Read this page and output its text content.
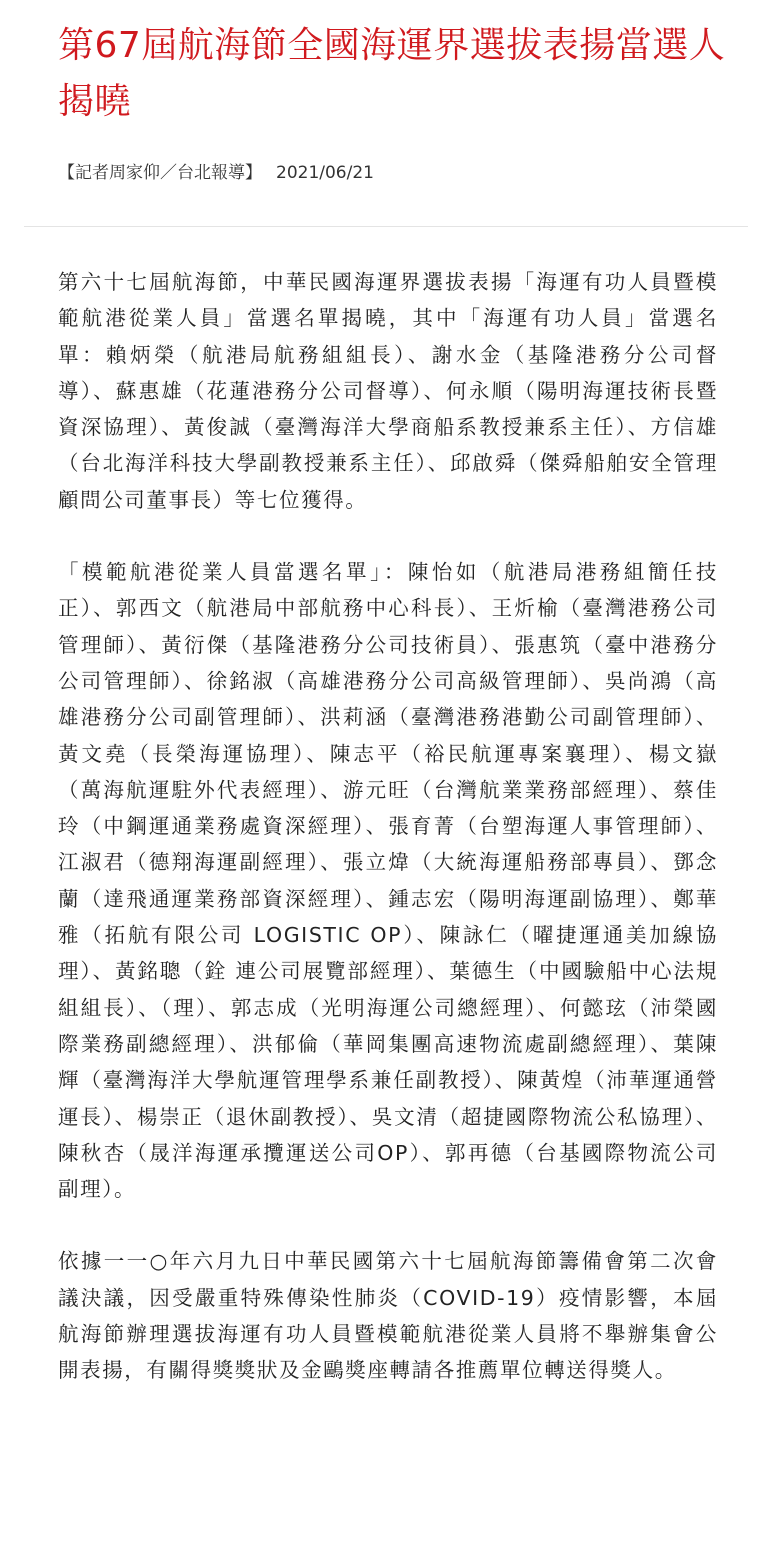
第67屆航海節全國海運界選拔表揚當選人 揭曉
【記者周家仰／台北報導】 2021/06/21

第六十七屆航海節，中華民國海運界選拔表揚「海運有功人員暨模範航港從業人員」當選名單揭曉，其中「海運有功人員」當選名單：賴炳榮（航港局航務組組長）、謝水金（基隆港務分公司督導）、蘇惠雄（花蓮港務分公司督導）、何永順（陽明海運技術長暨資深協理）、黃俊誠（臺灣海洋大學商船系教授兼系主任）、方信雄（台北海洋科技大學副教授兼系主任）、邱啟舜（傑舜船舶安全管理顧問公司董事長）等七位獲得。

「模範航港從業人員當選名單」：陳怡如（航港局港務組簡任技正）、郭西文（航港局中部航務中心科長）、王炘榆（臺灣港務公司管理師）、黃衍傑（基隆港務分公司技術員）、張惠筑（臺中港務分公司管理師）、徐銘淑（高雄港務分公司高級管理師）、吳尚鴻（高雄港務分公司副管理師）、洪莉涵（臺灣港務港勤公司副管理師）、黃文堯（長榮海運協理）、陳志平（裕民航運專案襄理）、楊文嶽（萬海航運駐外代表經理）、游元旺（台灣航業業務部經理）、蔡佳玲（中鋼運通業務處資深經理）、張育菁（台塑海運人事管理師）、江淑君（德翔海運副經理）、張立煒（大統海運船務部專員）、鄧念蘭（達飛通運業務部資深經理）、鍾志宏（陽明海運副協理）、鄭華雅（拓航有限公司 LOGISTIC OP）、陳詠仁（曜捷運通美加線協理）、黃銘聰（銓 連公司展覽部經理）、葉德生（中國驗船中心法規組組長）、（理）、郭志成（光明海運公司總經理）、何懿玹（沛榮國際業務副總經理）、洪郁倫（華岡集團高速物流處副總經理）、葉陳輝（臺灣海洋大學航運管理學系兼任副教授）、陳黃煌（沛華運通營運長）、楊崇正（退休副教授）、吳文清（超捷國際物流公私協理）、陳秋杏（晟洋海運承攬運送公司OP）、郭再德（台基國際物流公司副理）。

依據一一○年六月九日中華民國第六十七屆航海節籌備會第二次會議決議，因受嚴重特殊傳染性肺炎（COVID-19）疫情影響，本屆航海節辦理選拔海運有功人員暨模範航港從業人員將不舉辦集會公開表揚，有關得獎獎狀及金鷗獎座轉請各推薦單位轉送得獎人。
